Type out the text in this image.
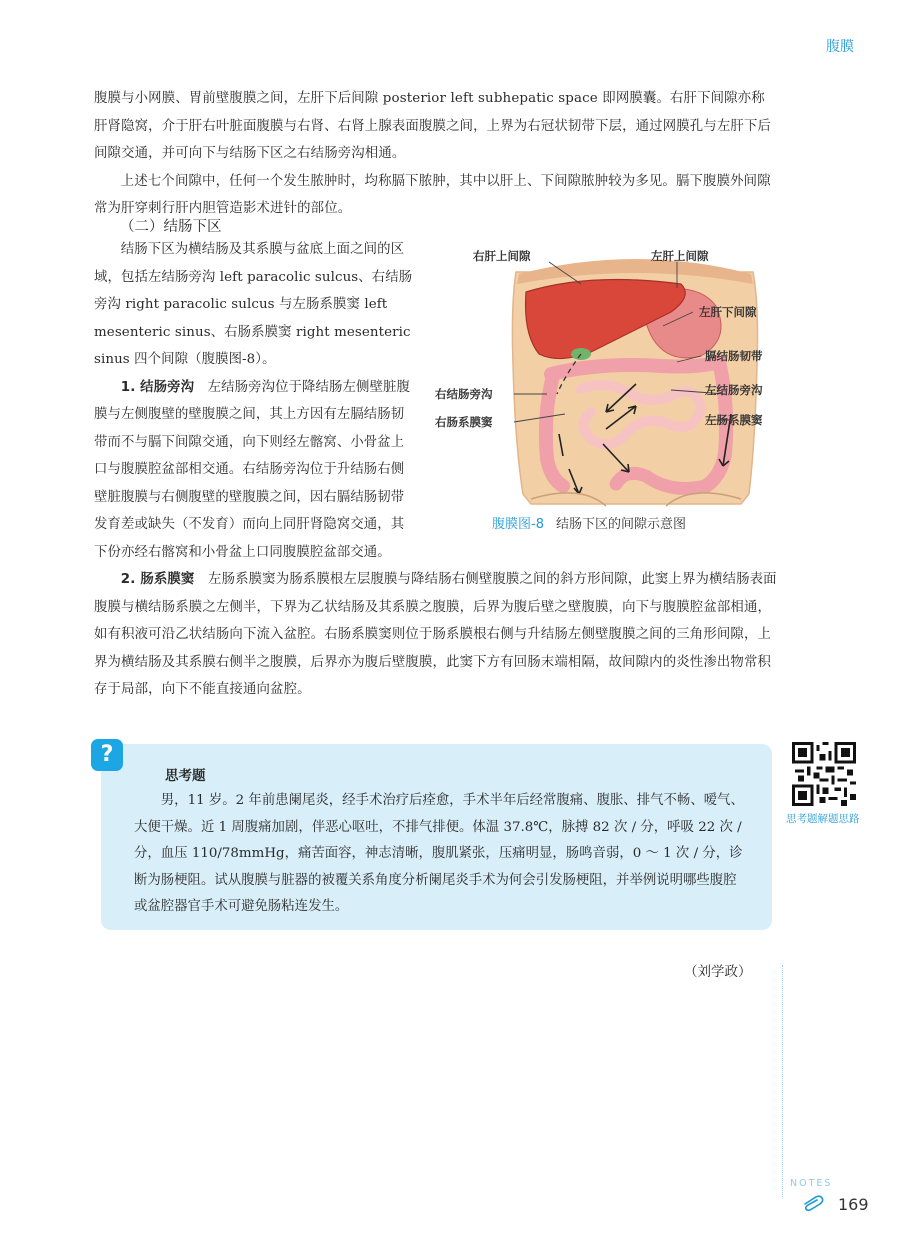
腹膜

腹膜与小网膜、胃前壁腹膜之间，左肝下后间隙 posterior left subhepatic space 即网膜囊。右肝下间隙亦称肝肾隐窝，介于肝右叶脏面腹膜与右肾、右肾上腺表面腹膜之间，上界为右冠状韧带下层，通过网膜孔与左肝下后间隙交通，并可向下与结肠下区之右结肠旁沟相通。

上述七个间隙中，任何一个发生脓肿时，均称膈下脓肿，其中以肝上、下间隙脓肿较为多见。膈下腹膜外间隙常为肝穿刺行肝内胆管造影术进针的部位。

（二）结肠下区

结肠下区为横结肠及其系膜与盆底上面之间的区域，包括左结肠旁沟 left paracolic sulcus、右结肠旁沟 right paracolic sulcus 与左肠系膜窦 left mesenteric sinus、右肠系膜窦 right mesenteric sinus 四个间隙（腹膜图-8）。

1. 结肠旁沟　左结肠旁沟位于降结肠左侧壁脏腹膜与左侧腹壁的壁腹膜之间，其上方因有左膈结肠韧带而不与膈下间隙交通，向下则经左髂窝、小骨盆上口与腹膜腔盆部相交通。右结肠旁沟位于升结肠右侧壁脏腹膜与右侧腹壁的壁腹膜之间，因右膈结肠韧带发育差或缺失（不发育）而向上同肝肾隐窝交通，其下份亦经右髂窝和小骨盆上口同腹膜腔盆部交通。

右肝上间隙	左肝上间隙
左肝下间隙
膈结肠韧带
左结肠旁沟
右结肠旁沟
右肠系膜窦	左肠系膜窦
腹膜图-8 结肠下区的间隙示意图

2. 肠系膜窦　左肠系膜窦为肠系膜根左层腹膜与降结肠右侧壁腹膜之间的斜方形间隙，此窦上界为横结肠表面腹膜与横结肠系膜之左侧半，下界为乙状结肠及其系膜之腹膜，后界为腹后壁之壁腹膜，向下与腹膜腔盆部相通，如有积液可沿乙状结肠向下流入盆腔。右肠系膜窦则位于肠系膜根右侧与升结肠左侧壁腹膜之间的三角形间隙，上界为横结肠及其系膜右侧半之腹膜，后界亦为腹后壁腹膜，此窦下方有回肠末端相隔，故间隙内的炎性渗出物常积存于局部，向下不能直接通向盆腔。

?
思考题

男，11 岁。2 年前患阑尾炎，经手术治疗后痊愈，手术半年后经常腹痛、腹胀、排气不畅、嗳气、大便干燥。近 1 周腹痛加剧，伴恶心呕吐，不排气排便。体温 37.8℃，脉搏 82 次 / 分，呼吸 22 次 / 分，血压 110/78mmHg，痛苦面容，神志清晰，腹肌紧张，压痛明显，肠鸣音弱，0 ～ 1 次 / 分，诊断为肠梗阻。试从腹膜与脏器的被覆关系角度分析阑尾炎手术为何会引发肠梗阻，并举例说明哪些腹腔或盆腔器官手术可避免肠粘连发生。

思考题解题思路
（刘学政）
NOTES
169
